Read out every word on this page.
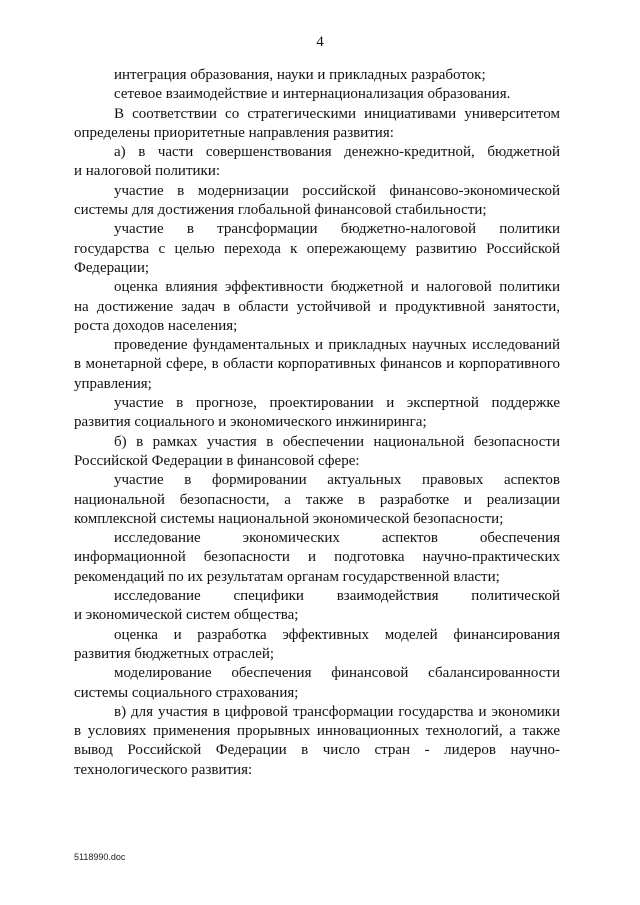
4
интеграция образования, науки и прикладных разработок;
сетевое взаимодействие и интернационализация образования.
В соответствии со стратегическими инициативами университетом
определены приоритетные направления развития:
а) в части совершенствования денежно-кредитной, бюджетной
и налоговой политики:
участие в модернизации российской финансово-экономической
системы для достижения глобальной финансовой стабильности;
участие в трансформации бюджетно-налоговой политики
государства с целью перехода к опережающему развитию Российской
Федерации;
оценка влияния эффективности бюджетной и налоговой политики
на достижение задач в области устойчивой и продуктивной занятости,
роста доходов населения;
проведение фундаментальных и прикладных научных исследований
в монетарной сфере, в области корпоративных финансов и корпоративного
управления;
участие в прогнозе, проектировании и экспертной поддержке
развития социального и экономического инжиниринга;
б) в рамках участия в обеспечении национальной безопасности
Российской Федерации в финансовой сфере:
участие в формировании актуальных правовых аспектов
национальной безопасности, а также в разработке и реализации
комплексной системы национальной экономической безопасности;
исследование экономических аспектов обеспечения
информационной безопасности и подготовка научно-практических
рекомендаций по их результатам органам государственной власти;
исследование специфики взаимодействия политической
и экономической систем общества;
оценка и разработка эффективных моделей финансирования
развития бюджетных отраслей;
моделирование обеспечения финансовой сбалансированности
системы социального страхования;
в) для участия в цифровой трансформации государства и экономики
в условиях применения прорывных инновационных технологий, а также
вывод Российской Федерации в число стран - лидеров научно-
технологического развития:
5118990.doc
